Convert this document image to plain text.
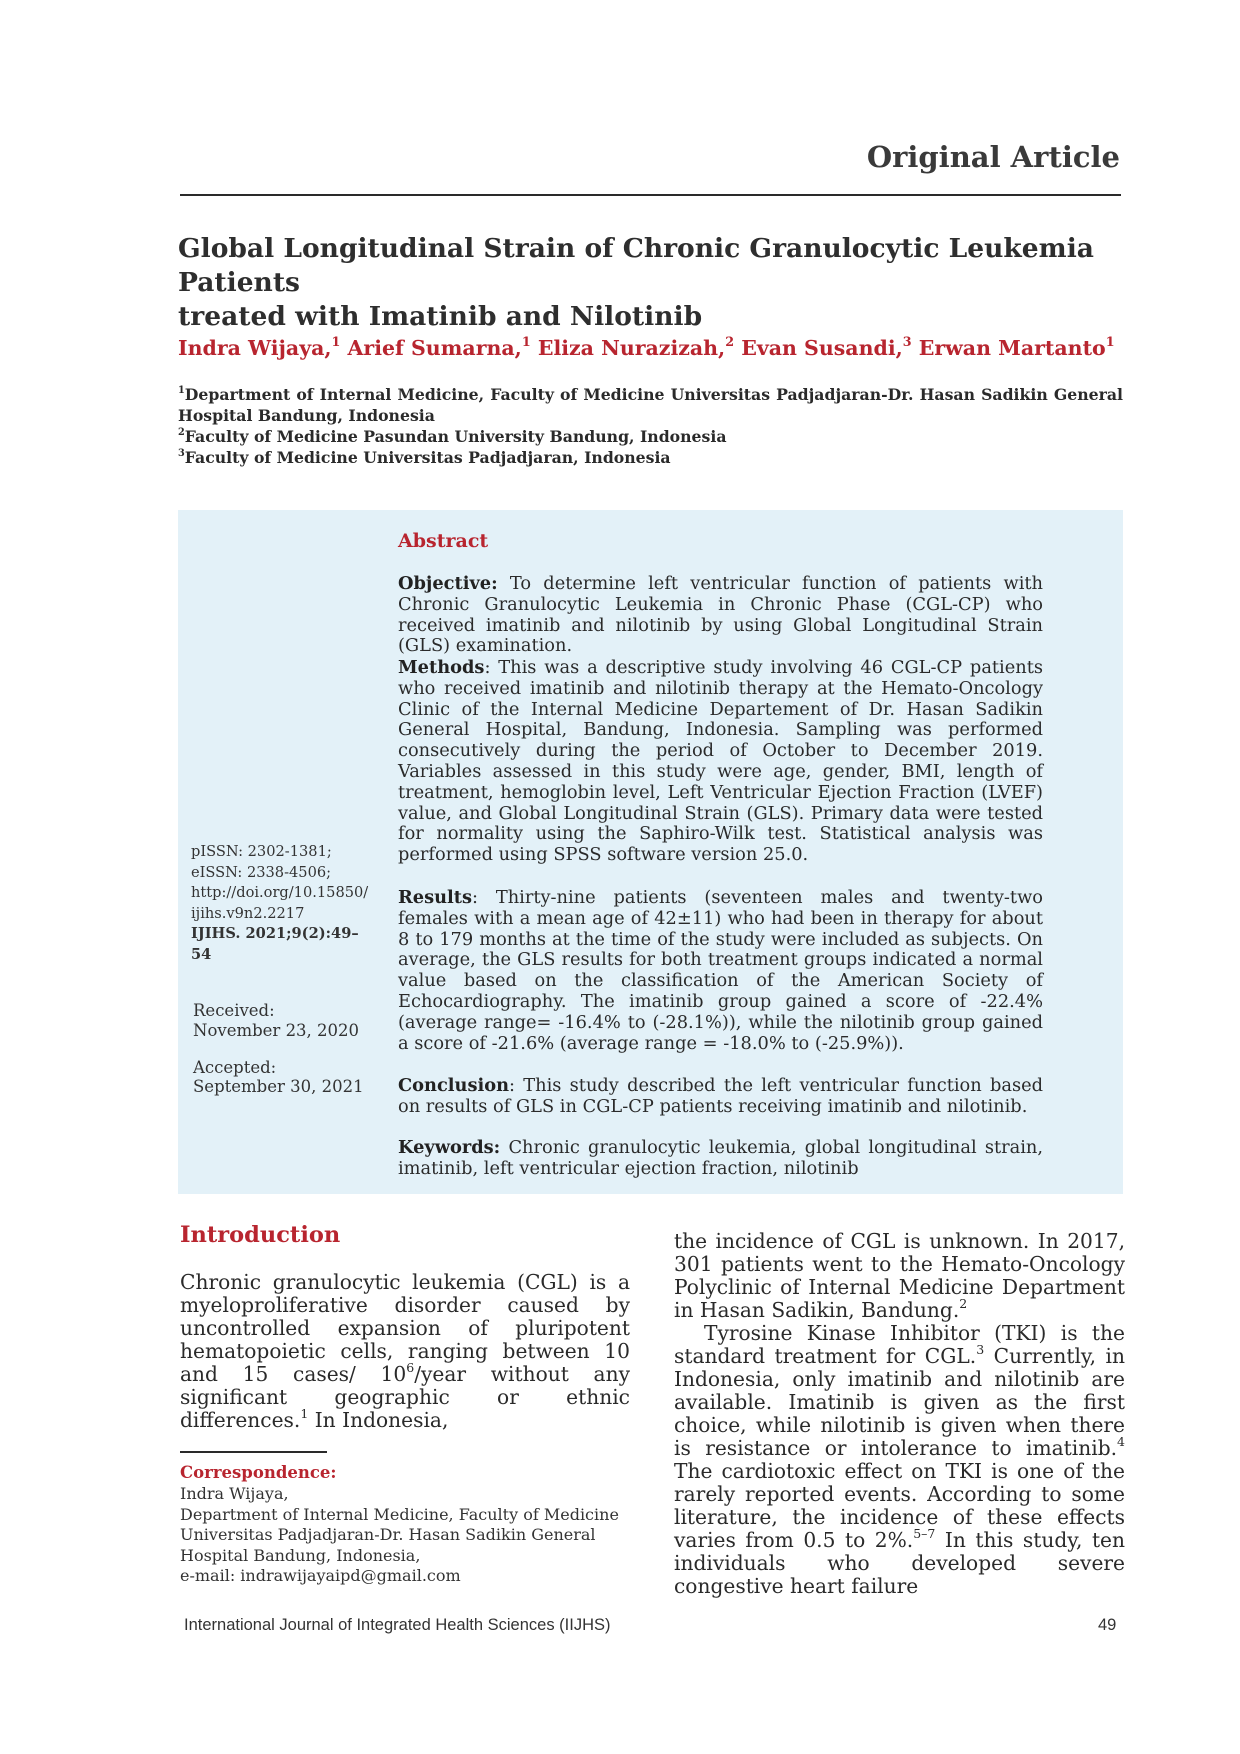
Original Article
Global Longitudinal Strain of Chronic Granulocytic Leukemia Patients
treated with Imatinib and Nilotinib
Indra Wijaya,$^1$ Arief Sumarna,$^1$ Eliza Nurazizah,$^2$ Evan Susandi,$^3$ Erwan Martanto$^1$
$^1$Department of Internal Medicine, Faculty of Medicine Universitas Padjadjaran-Dr. Hasan Sadikin General Hospital Bandung, Indonesia
$^2$Faculty of Medicine Pasundan University Bandung, Indonesia
$^3$Faculty of Medicine Universitas Padjadjaran, Indonesia
pISSN: 2302-1381;
eISSN: 2338-4506;
http://doi.org/10.15850/
ijihs.v9n2.2217
IJIHS. 2021;9(2):49–54
Received:
November 23, 2020
Accepted:
September 30, 2021
Abstract
Objective: To determine left ventricular function of patients with Chronic Granulocytic Leukemia in Chronic Phase (CGL-CP) who received imatinib and nilotinib by using Global Longitudinal Strain (GLS) examination.
Methods: This was a descriptive study involving 46 CGL-CP patients who received imatinib and nilotinib therapy at the Hemato-Oncology Clinic of the Internal Medicine Departement of Dr. Hasan Sadikin General Hospital, Bandung, Indonesia. Sampling was performed consecutively during the period of October to December 2019. Variables assessed in this study were age, gender, BMI, length of treatment, hemoglobin level, Left Ventricular Ejection Fraction (LVEF) value, and Global Longitudinal Strain (GLS). Primary data were tested for normality using the Saphiro-Wilk test. Statistical analysis was performed using SPSS software version 25.0.
Results: Thirty-nine patients (seventeen males and twenty-two females with a mean age of 42±11) who had been in therapy for about 8 to 179 months at the time of the study were included as subjects. On average, the GLS results for both treatment groups indicated a normal value based on the classification of the American Society of Echocardiography. The imatinib group gained a score of -22.4% (average range= -16.4% to (-28.1%)), while the nilotinib group gained a score of -21.6% (average range = -18.0% to (-25.9%)).
Conclusion: This study described the left ventricular function based on results of GLS in CGL-CP patients receiving imatinib and nilotinib.
Keywords: Chronic granulocytic leukemia, global longitudinal strain, imatinib, left ventricular ejection fraction, nilotinib
Introduction
Chronic granulocytic leukemia (CGL) is a myeloproliferative disorder caused by uncontrolled expansion of pluripotent hematopoietic cells, ranging between 10 and 15 cases/ $10^6$/year without any significant geographic or ethnic differences.$^1$ In Indonesia,
the incidence of CGL is unknown. In 2017, 301 patients went to the Hemato-Oncology Polyclinic of Internal Medicine Department in Hasan Sadikin, Bandung.$^2$
Tyrosine Kinase Inhibitor (TKI) is the standard treatment for CGL.$^3$ Currently, in Indonesia, only imatinib and nilotinib are available. Imatinib is given as the first choice, while nilotinib is given when there is resistance or intolerance to imatinib.$^4$ The cardiotoxic effect on TKI is one of the rarely reported events. According to some literature, the incidence of these effects varies from 0.5 to 2%.$^{5-7}$ In this study, ten individuals who developed severe congestive heart failure
Correspondence:
Indra Wijaya,
Department of Internal Medicine, Faculty of Medicine
Universitas Padjadjaran-Dr. Hasan Sadikin General
Hospital Bandung, Indonesia,
e-mail: indrawijayaipd@gmail.com
International Journal of Integrated Health Sciences (IIJHS)	49
